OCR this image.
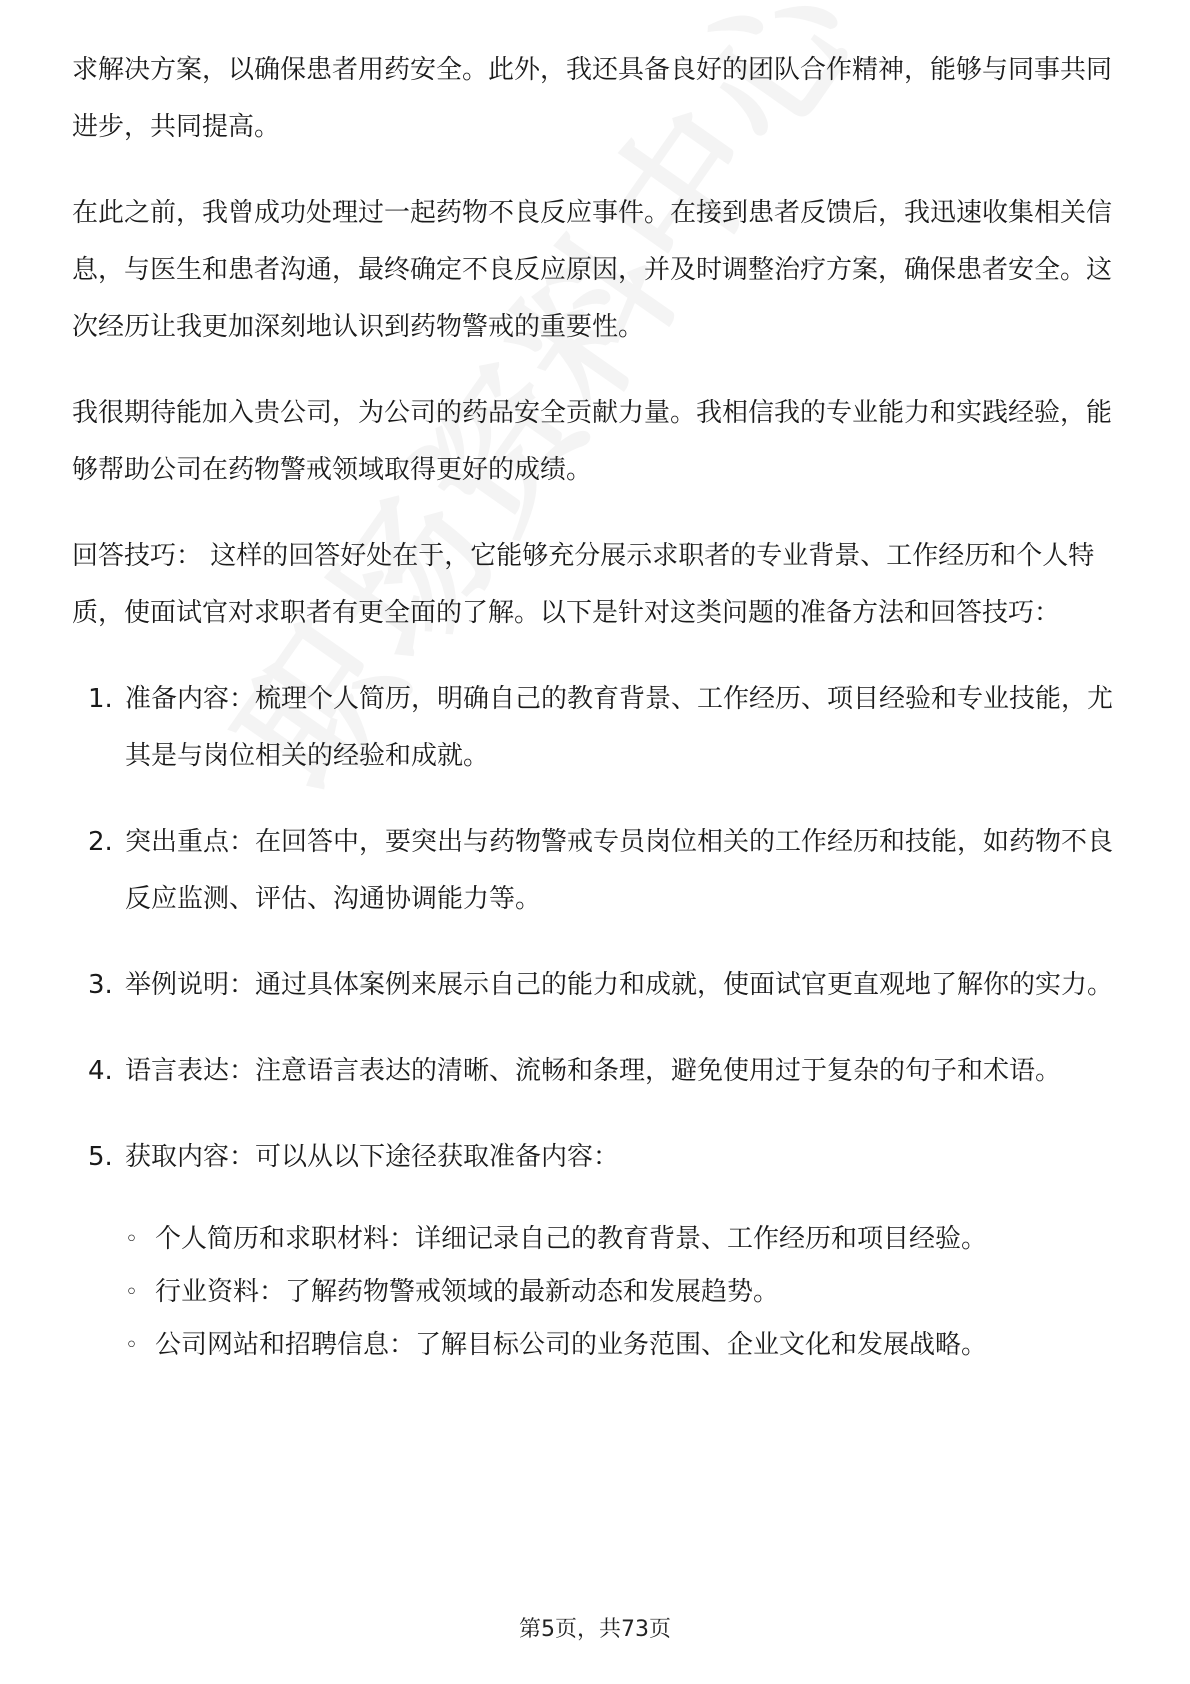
求解决方案，以确保患者用药安全。此外，我还具备良好的团队合作精神，能够与同事共同进步，共同提高。

在此之前，我曾成功处理过一起药物不良反应事件。在接到患者反馈后，我迅速收集相关信息，与医生和患者沟通，最终确定不良反应原因，并及时调整治疗方案，确保患者安全。这次经历让我更加深刻地认识到药物警戒的重要性。

我很期待能加入贵公司，为公司的药品安全贡献力量。我相信我的专业能力和实践经验，能够帮助公司在药物警戒领域取得更好的成绩。

回答技巧： 这样的回答好处在于，它能够充分展示求职者的专业背景、工作经历和个人特质，使面试官对求职者有更全面的了解。以下是针对这类问题的准备方法和回答技巧：

1. 准备内容：梳理个人简历，明确自己的教育背景、工作经历、项目经验和专业技能，尤其是与岗位相关的经验和成就。
2. 突出重点：在回答中，要突出与药物警戒专员岗位相关的工作经历和技能，如药物不良反应监测、评估、沟通协调能力等。
3. 举例说明：通过具体案例来展示自己的能力和成就，使面试官更直观地了解你的实力。
4. 语言表达：注意语言表达的清晰、流畅和条理，避免使用过于复杂的句子和术语。
5. 获取内容：可以从以下途径获取准备内容：
◦ 个人简历和求职材料：详细记录自己的教育背景、工作经历和项目经验。
◦ 行业资料：了解药物警戒领域的最新动态和发展趋势。
◦ 公司网站和招聘信息：了解目标公司的业务范围、企业文化和发展战略。
第5页，共73页
